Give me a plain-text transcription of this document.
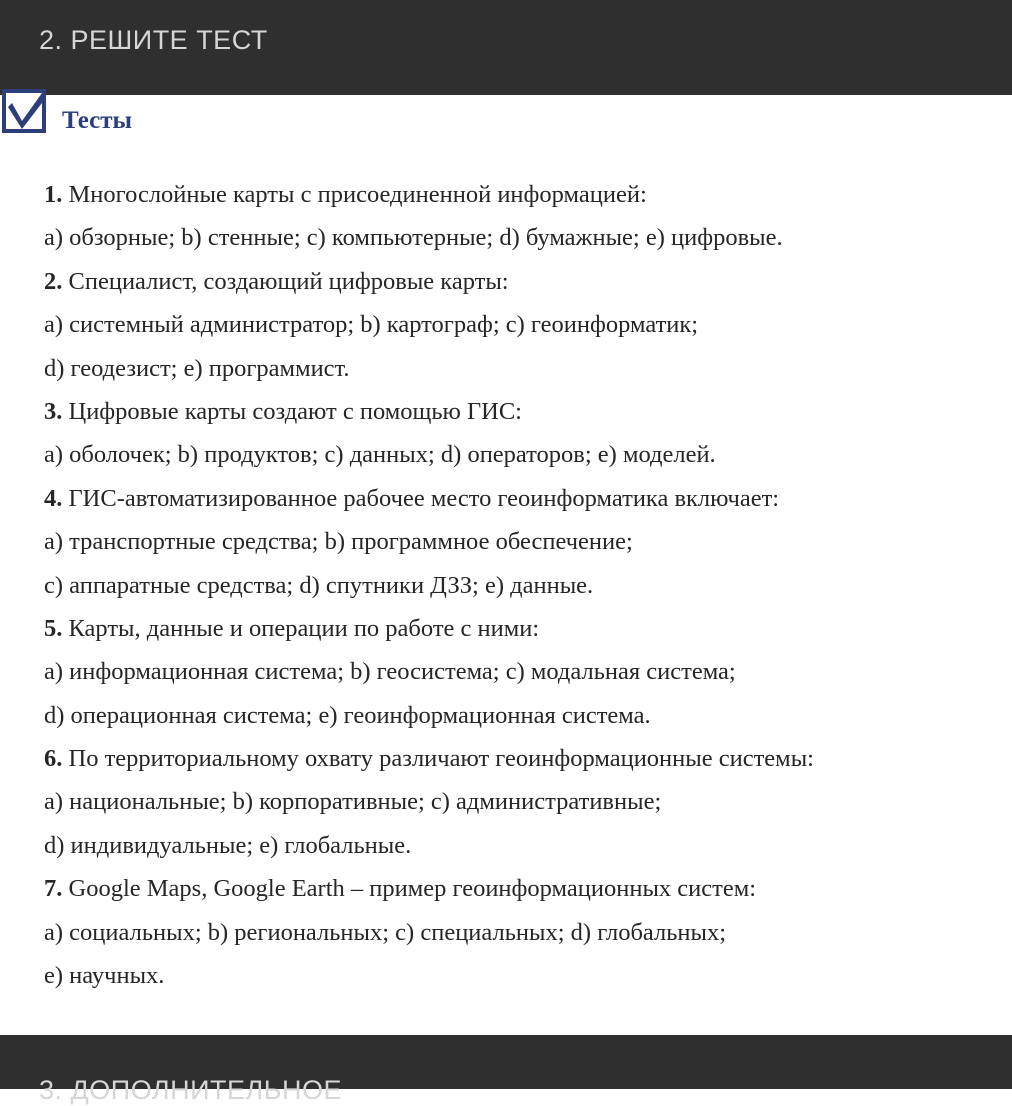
2. РЕШИТЕ ТЕСТ
Тесты
1. Многослойные карты с присоединенной информацией:
а) обзорные; b) стенные; с) компьютерные; d) бумажные; е) цифровые.
2. Специалист, создающий цифровые карты:
а) системный администратор; b) картограф; с) геоинформатик;
d) геодезист; е) программист.
3. Цифровые карты создают с помощью ГИС:
а) оболочек; b) продуктов; с) данных; d) операторов; е) моделей.
4. ГИС-автоматизированное рабочее место геоинформатика включает:
а) транспортные средства; b) программное обеспечение;
с) аппаратные средства; d) спутники ДЗЗ; е) данные.
5. Карты, данные и операции по работе с ними:
а) информационная система; b) геосистема; с) модальная система;
d) операционная система; е) геоинформационная система.
6. По территориальному охвату различают геоинформационные системы:
а) национальные; b) корпоративные; с) административные;
d) индивидуальные; е) глобальные.
7. Google Maps, Google Earth – пример геоинформационных систем:
а) социальных; b) региональных; с) специальных; d) глобальных;
е) научных.
3. ДОПОЛНИТЕЛЬНОЕ
